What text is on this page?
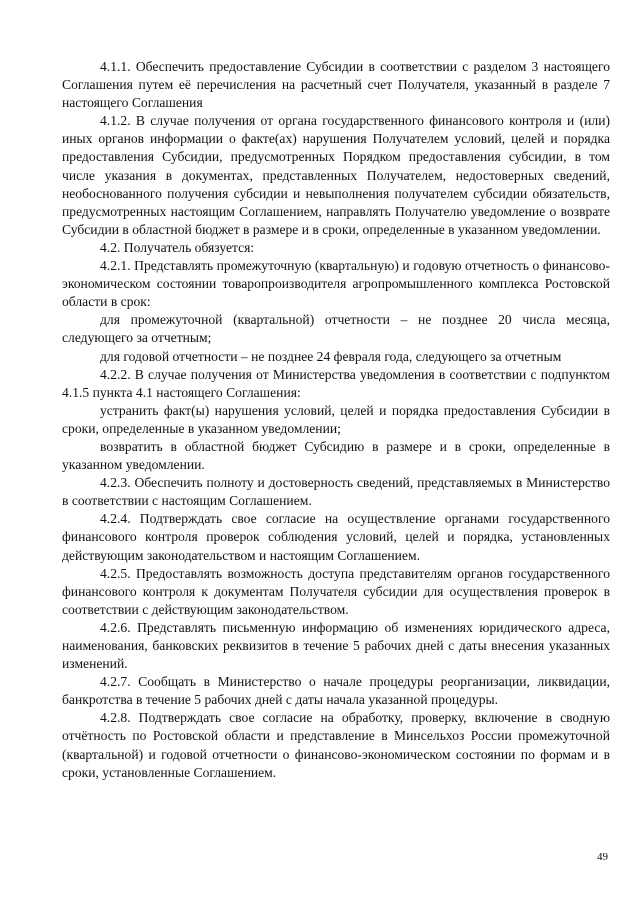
4.1.1. Обеспечить предоставление Субсидии в соответствии с разделом 3 настоящего Соглашения путем её перечисления на расчетный счет Получателя, указанный в разделе 7 настоящего Соглашения

4.1.2. В случае получения от органа государственного финансового контроля и (или) иных органов информации о факте(ах) нарушения Получателем условий, целей и порядка предоставления Субсидии, предусмотренных Порядком предоставления субсидии, в том числе указания в документах, представленных Получателем, недостоверных сведений, необоснованного получения субсидии и невыполнения получателем субсидии обязательств, предусмотренных настоящим Соглашением, направлять Получателю уведомление о возврате Субсидии в областной бюджет в размере и в сроки, определенные в указанном уведомлении.

4.2. Получатель обязуется:

4.2.1. Представлять промежуточную (квартальную) и годовую отчетность о финансово-экономическом состоянии товаропроизводителя агропромышленного комплекса Ростовской области в срок:

для промежуточной (квартальной) отчетности – не позднее 20 числа месяца, следующего за отчетным;

для годовой отчетности – не позднее 24 февраля года, следующего за отчетным

4.2.2. В случае получения от Министерства уведомления в соответствии с подпунктом 4.1.5 пункта 4.1 настоящего Соглашения:

устранить факт(ы) нарушения условий, целей и порядка предоставления Субсидии в сроки, определенные в указанном уведомлении;

возвратить в областной бюджет Субсидию в размере и в сроки, определенные в указанном уведомлении.

4.2.3. Обеспечить полноту и достоверность сведений, представляемых в Министерство в соответствии с настоящим Соглашением.

4.2.4. Подтверждать свое согласие на осуществление органами государственного финансового контроля проверок соблюдения условий, целей и порядка, установленных действующим законодательством и настоящим Соглашением.

4.2.5. Предоставлять возможность доступа представителям органов государственного финансового контроля к документам Получателя субсидии для осуществления проверок в соответствии с действующим законодательством.

4.2.6. Представлять письменную информацию об изменениях юридического адреса, наименования, банковских реквизитов в течение 5 рабочих дней с даты внесения указанных изменений.

4.2.7. Сообщать в Министерство о начале процедуры реорганизации, ликвидации, банкротства в течение 5 рабочих дней с даты начала указанной процедуры.

4.2.8. Подтверждать свое согласие на обработку, проверку, включение в сводную отчётность по Ростовской области и представление в Минсельхоз России промежуточной (квартальной) и годовой отчетности о финансово-экономическом состоянии по формам и в сроки, установленные Соглашением.

49
